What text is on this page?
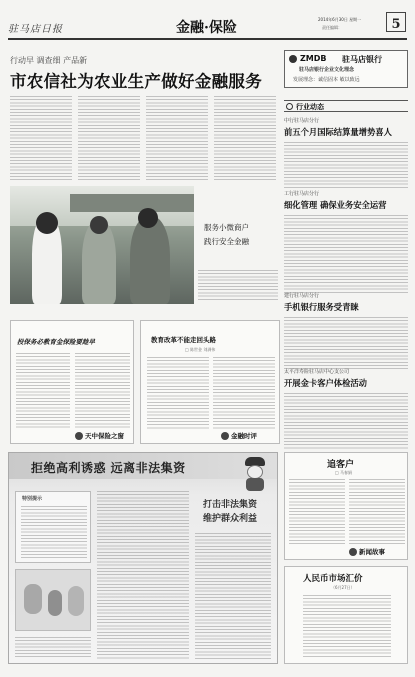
驻马店日报	金融·保险
2014年6月30日 星期一
责任编辑：	5
行动早 调查细 产品新
市农信社为农业生产做好金融服务
ZMDB 驻马店银行
驻马店银行企业文化理念
发展理念：诚信固本 敏以致远
行业动态
中行驻马店分行
前五个月国际结算量增势喜人
工行驻马店分行
细化管理 确保业务安全运营
建行驻马店分行
手机银行服务受青睐
太平洋寿险驻马店中心支公司
开展金卡客户体检活动
服务小微商户
践行安全金融
投保务必教育金保险要趁早
天中保险之窗
教育改革不能走回头路
□ 陈世金 刘满伟
金融时评
拒绝高利诱惑 远离非法集资
打击非法集资
维护群众利益
特别提示
追客户
□ 马春娟
新闻故事
人民币市场汇价
（6月27日）
